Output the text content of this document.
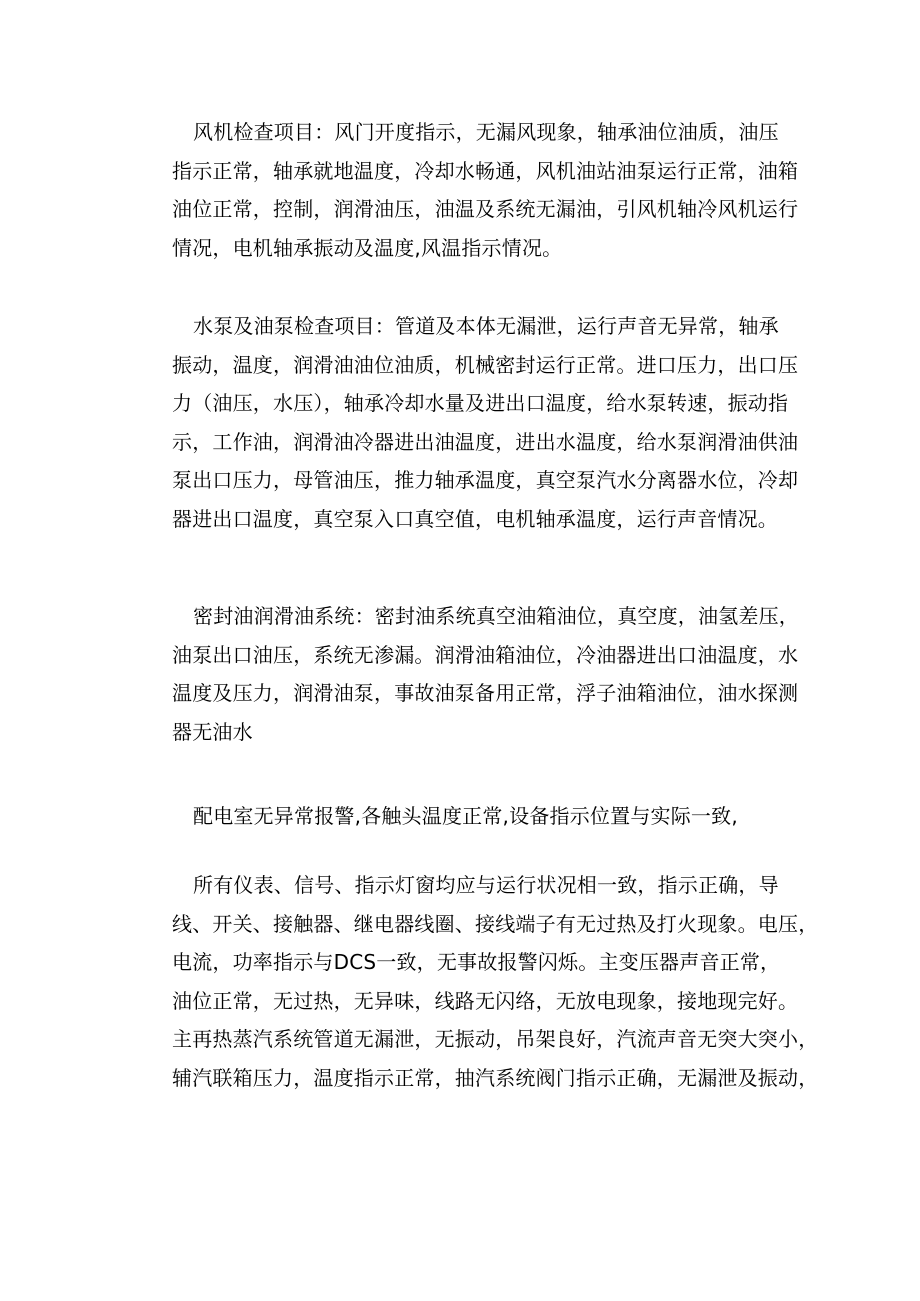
风机检查项目：风门开度指示，无漏风现象，轴承油位油质，油压
指示正常，轴承就地温度，冷却水畅通，风机油站油泵运行正常，油箱
油位正常，控制，润滑油压，油温及系统无漏油，引风机轴冷风机运行
情况，电机轴承振动及温度,风温指示情况。
水泵及油泵检查项目：管道及本体无漏泄，运行声音无异常，轴承
振动，温度，润滑油油位油质，机械密封运行正常。进口压力，出口压
力（油压，水压），轴承冷却水量及进出口温度，给水泵转速，振动指
示，工作油，润滑油冷器进出油温度，进出水温度，给水泵润滑油供油
泵出口压力，母管油压，推力轴承温度，真空泵汽水分离器水位，冷却
器进出口温度，真空泵入口真空值，电机轴承温度，运行声音情况。
密封油润滑油系统：密封油系统真空油箱油位，真空度，油氢差压，
油泵出口油压，系统无渗漏。润滑油箱油位，冷油器进出口油温度，水
温度及压力，润滑油泵，事故油泵备用正常，浮子油箱油位，油水探测
器无油水
配电室无异常报警,各触头温度正常,设备指示位置与实际一致,
所有仪表、信号、指示灯窗均应与运行状况相一致，指示正确，导
线、开关、接触器、继电器线圈、接线端子有无过热及打火现象。电压，
电流，功率指示与DCS一致，无事故报警闪烁。主变压器声音正常，
油位正常，无过热，无异味，线路无闪络，无放电现象，接地现完好。
主再热蒸汽系统管道无漏泄，无振动，吊架良好，汽流声音无突大突小，
辅汽联箱压力，温度指示正常，抽汽系统阀门指示正确，无漏泄及振动，
